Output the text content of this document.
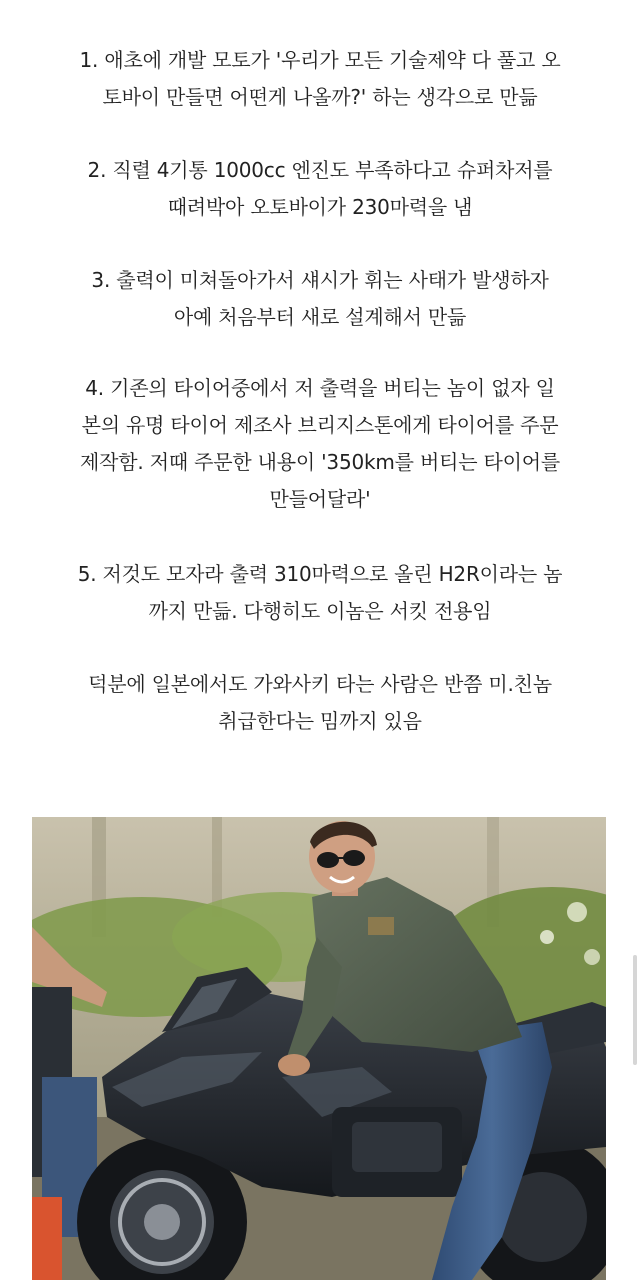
1. 애초에 개발 모토가 '우리가 모든 기술제약 다 풀고 오
토바이 만들면 어떤게 나올까?' 하는 생각으로 만듦

2. 직렬 4기통 1000cc 엔진도 부족하다고 슈퍼차저를
때려박아 오토바이가 230마력을 냄

3. 출력이 미쳐돌아가서 섀시가 휘는 사태가 발생하자
아예 처음부터 새로 설계해서 만듦

4. 기존의 타이어중에서 저 출력을 버티는 놈이 없자 일
본의 유명 타이어 제조사 브리지스톤에게 타이어를 주문
제작함. 저때 주문한 내용이 '350km를 버티는 타이어를
만들어달라'

5. 저것도 모자라 출력 310마력으로 올린 H2R이라는 놈
까지 만듦. 다행히도 이놈은 서킷 전용임

덕분에 일본에서도 가와사키 타는 사람은 반쯤 미.친놈
취급한다는 밈까지 있음
